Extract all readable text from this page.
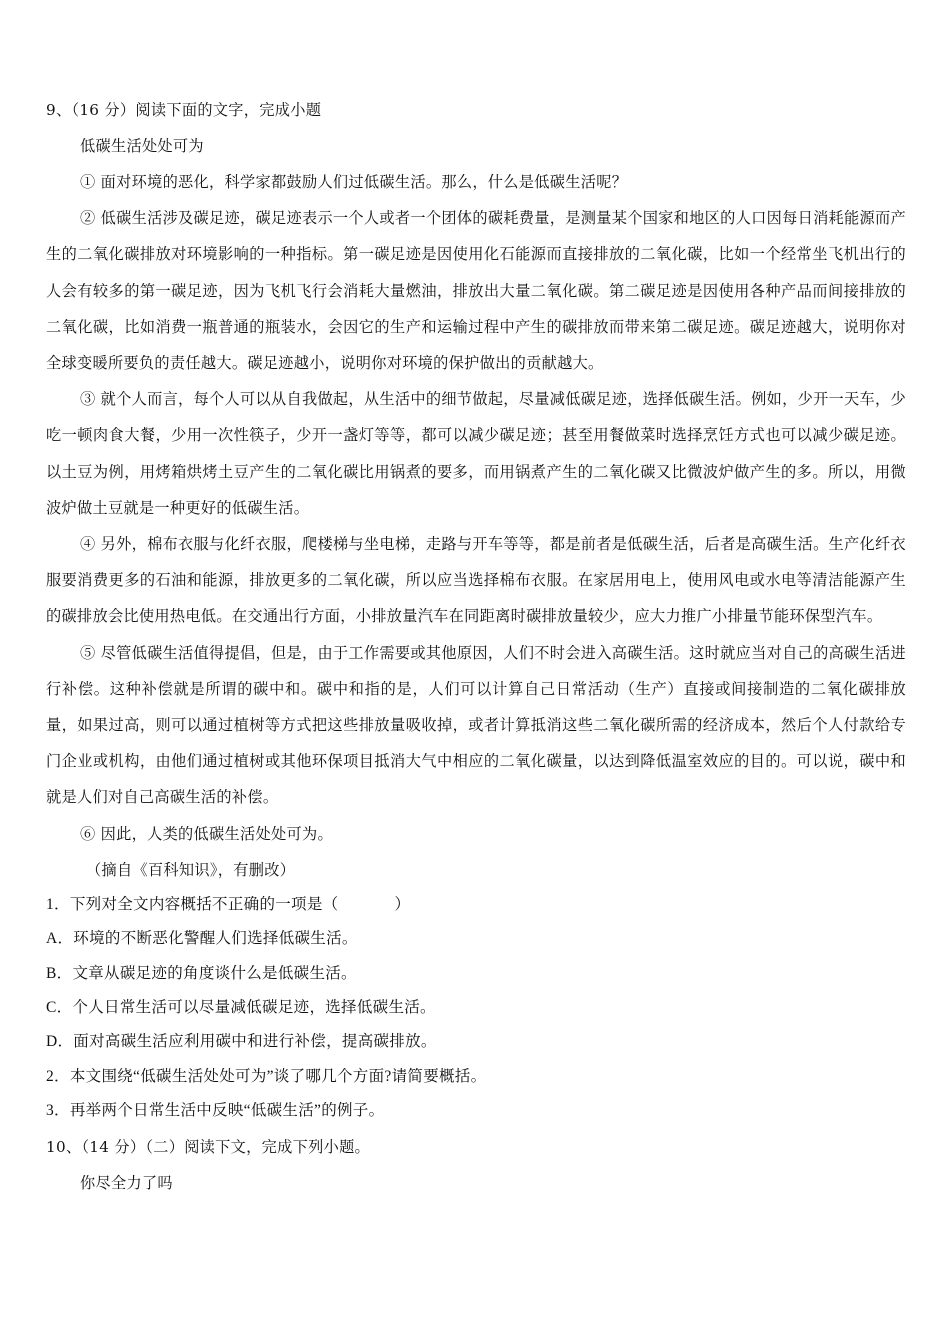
9、（16 分）阅读下面的文字，完成小题
低碳生活处处可为

① 面对环境的恶化，科学家都鼓励人们过低碳生活。那么，什么是低碳生活呢？

② 低碳生活涉及碳足迹，碳足迹表示一个人或者一个团体的碳耗费量，是测量某个国家和地区的人口因每日消耗能源而产生的二氧化碳排放对环境影响的一种指标。第一碳足迹是因使用化石能源而直接排放的二氧化碳，比如一个经常坐飞机出行的人会有较多的第一碳足迹，因为飞机飞行会消耗大量燃油，排放出大量二氧化碳。第二碳足迹是因使用各种产品而间接排放的二氧化碳，比如消费一瓶普通的瓶装水，会因它的生产和运输过程中产生的碳排放而带来第二碳足迹。碳足迹越大，说明你对全球变暖所要负的责任越大。碳足迹越小，说明你对环境的保护做出的贡献越大。

③ 就个人而言，每个人可以从自我做起，从生活中的细节做起，尽量减低碳足迹，选择低碳生活。例如，少开一天车，少吃一顿肉食大餐，少用一次性筷子，少开一盏灯等等，都可以减少碳足迹；甚至用餐做菜时选择烹饪方式也可以减少碳足迹。以土豆为例，用烤箱烘烤土豆产生的二氧化碳比用锅煮的要多，而用锅煮产生的二氧化碳又比微波炉做产生的多。所以，用微波炉做土豆就是一种更好的低碳生活。

④ 另外，棉布衣服与化纤衣服，爬楼梯与坐电梯，走路与开车等等，都是前者是低碳生活，后者是高碳生活。生产化纤衣服要消费更多的石油和能源，排放更多的二氧化碳，所以应当选择棉布衣服。在家居用电上，使用风电或水电等清洁能源产生的碳排放会比使用热电低。在交通出行方面，小排放量汽车在同距离时碳排放量较少，应大力推广小排量节能环保型汽车。

⑤ 尽管低碳生活值得提倡，但是，由于工作需要或其他原因，人们不时会进入高碳生活。这时就应当对自己的高碳生活进行补偿。这种补偿就是所谓的碳中和。碳中和指的是，人们可以计算自己日常活动（生产）直接或间接制造的二氧化碳排放量，如果过高，则可以通过植树等方式把这些排放量吸收掉，或者计算抵消这些二氧化碳所需的经济成本，然后个人付款给专门企业或机构，由他们通过植树或其他环保项目抵消大气中相应的二氧化碳量，以达到降低温室效应的目的。可以说，碳中和就是人们对自己高碳生活的补偿。

⑥ 因此，人类的低碳生活处处可为。

（摘自《百科知识》，有删改）
1．下列对全文内容概括不正确的一项是（	）
A．环境的不断恶化警醒人们选择低碳生活。
B．文章从碳足迹的角度谈什么是低碳生活。
C．个人日常生活可以尽量减低碳足迹，选择低碳生活。
D．面对高碳生活应利用碳中和进行补偿，提高碳排放。
2．本文围绕“低碳生活处处可为”谈了哪几个方面?请简要概括。
3．再举两个日常生活中反映“低碳生活”的例子。
10、（14 分）（二）阅读下文，完成下列小题。
你尽全力了吗
